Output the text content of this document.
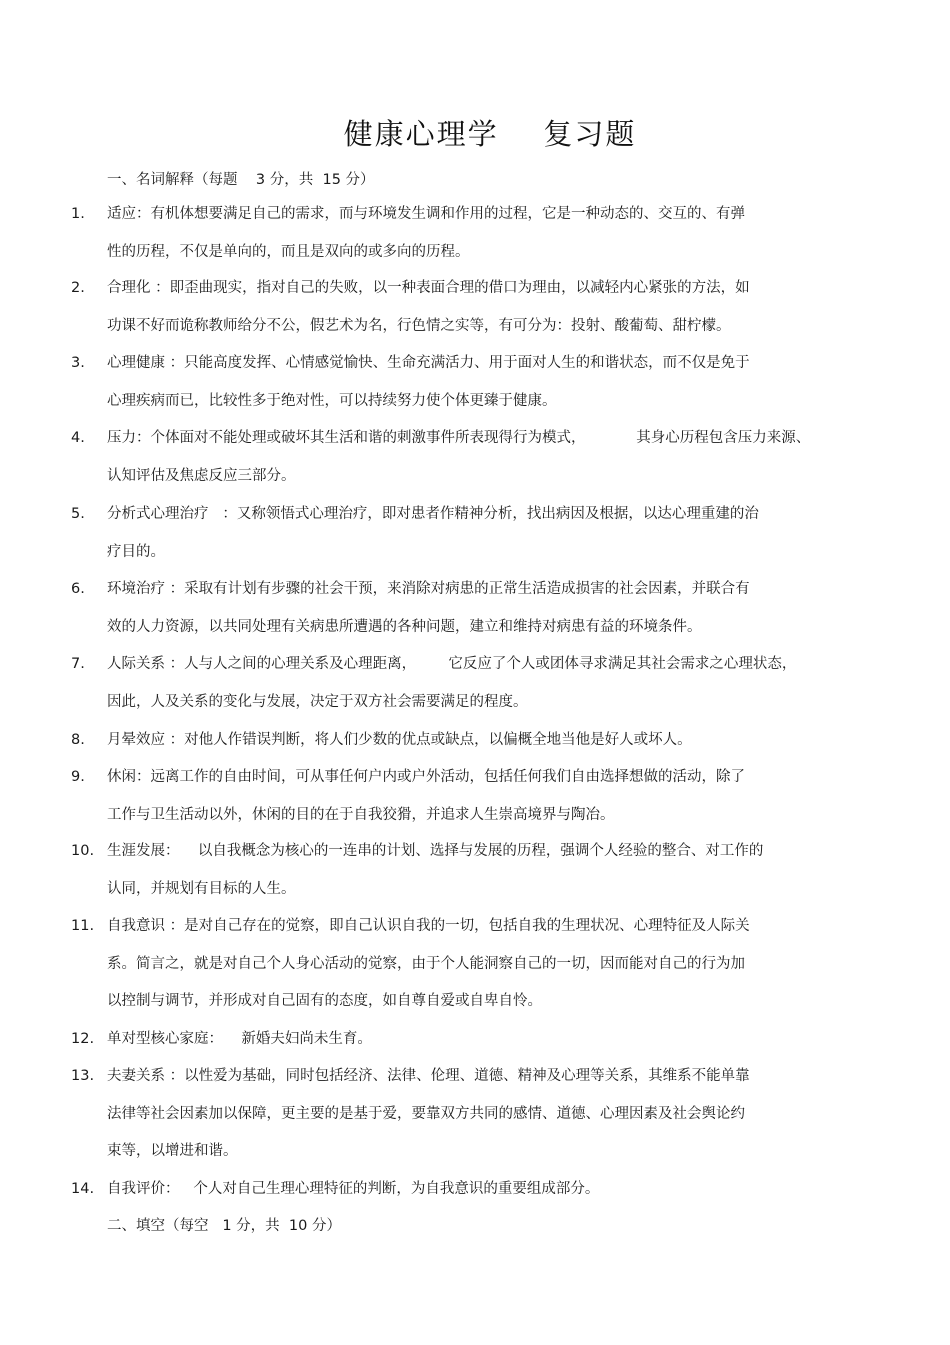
健康心理学    复习题
一、名词解释（每题    3 分，共  15 分）
1. 适应：有机体想要满足自己的需求，而与环境发生调和作用的过程，它是一种动态的、交互的、有弹
性的历程，不仅是单向的，而且是双向的或多向的历程。
2. 合理化 ：即歪曲现实，指对自己的失败，以一种表面合理的借口为理由，以减轻内心紧张的方法，如
功课不好而诡称教师给分不公，假艺术为名，行色情之实等，有可分为：投射、酸葡萄、甜柠檬。
3. 心理健康 ：只能高度发挥、心情感觉愉快、生命充满活力、用于面对人生的和谐状态，而不仅是免于
心理疾病而已，比较性多于绝对性，可以持续努力使个体更臻于健康。
4. 压力：个体面对不能处理或破坏其生活和谐的刺激事件所表现得行为模式，           其身心历程包含压力来源、
认知评估及焦虑反应三部分。
5. 分析式心理治疗   ：又称领悟式心理治疗，即对患者作精神分析，找出病因及根据，以达心理重建的治
疗目的。
6. 环境治疗 ：采取有计划有步骤的社会干预，来消除对病患的正常生活造成损害的社会因素，并联合有
效的人力资源，以共同处理有关病患所遭遇的各种问题，建立和维持对病患有益的环境条件。
7. 人际关系 ：人与人之间的心理关系及心理距离，       它反应了个人或团体寻求满足其社会需求之心理状态，
因此，人及关系的变化与发展，决定于双方社会需要满足的程度。
8. 月晕效应 ：对他人作错误判断，将人们少数的优点或缺点，以偏概全地当他是好人或坏人。
9. 休闲：远离工作的自由时间，可从事任何户内或户外活动，包括任何我们自由选择想做的活动，除了
工作与卫生活动以外，休闲的目的在于自我狡猾，并追求人生崇高境界与陶冶。
10. 生涯发展：    以自我概念为核心的一连串的计划、选择与发展的历程，强调个人经验的整合、对工作的
认同，并规划有目标的人生。
11. 自我意识 ：是对自己存在的觉察，即自己认识自我的一切，包括自我的生理状况、心理特征及人际关
系。简言之，就是对自己个人身心活动的觉察，由于个人能洞察自己的一切，因而能对自己的行为加
以控制与调节，并形成对自己固有的态度，如自尊自爱或自卑自怜。
12. 单对型核心家庭：    新婚夫妇尚未生育。
13. 夫妻关系 ：以性爱为基础，同时包括经济、法律、伦理、道德、精神及心理等关系，其维系不能单靠
法律等社会因素加以保障，更主要的是基于爱，要靠双方共同的感情、道德、心理因素及社会舆论约
束等，以增进和谐。
14. 自我评价：   个人对自己生理心理特征的判断，为自我意识的重要组成部分。
二、填空（每空   1 分，共  10 分）
